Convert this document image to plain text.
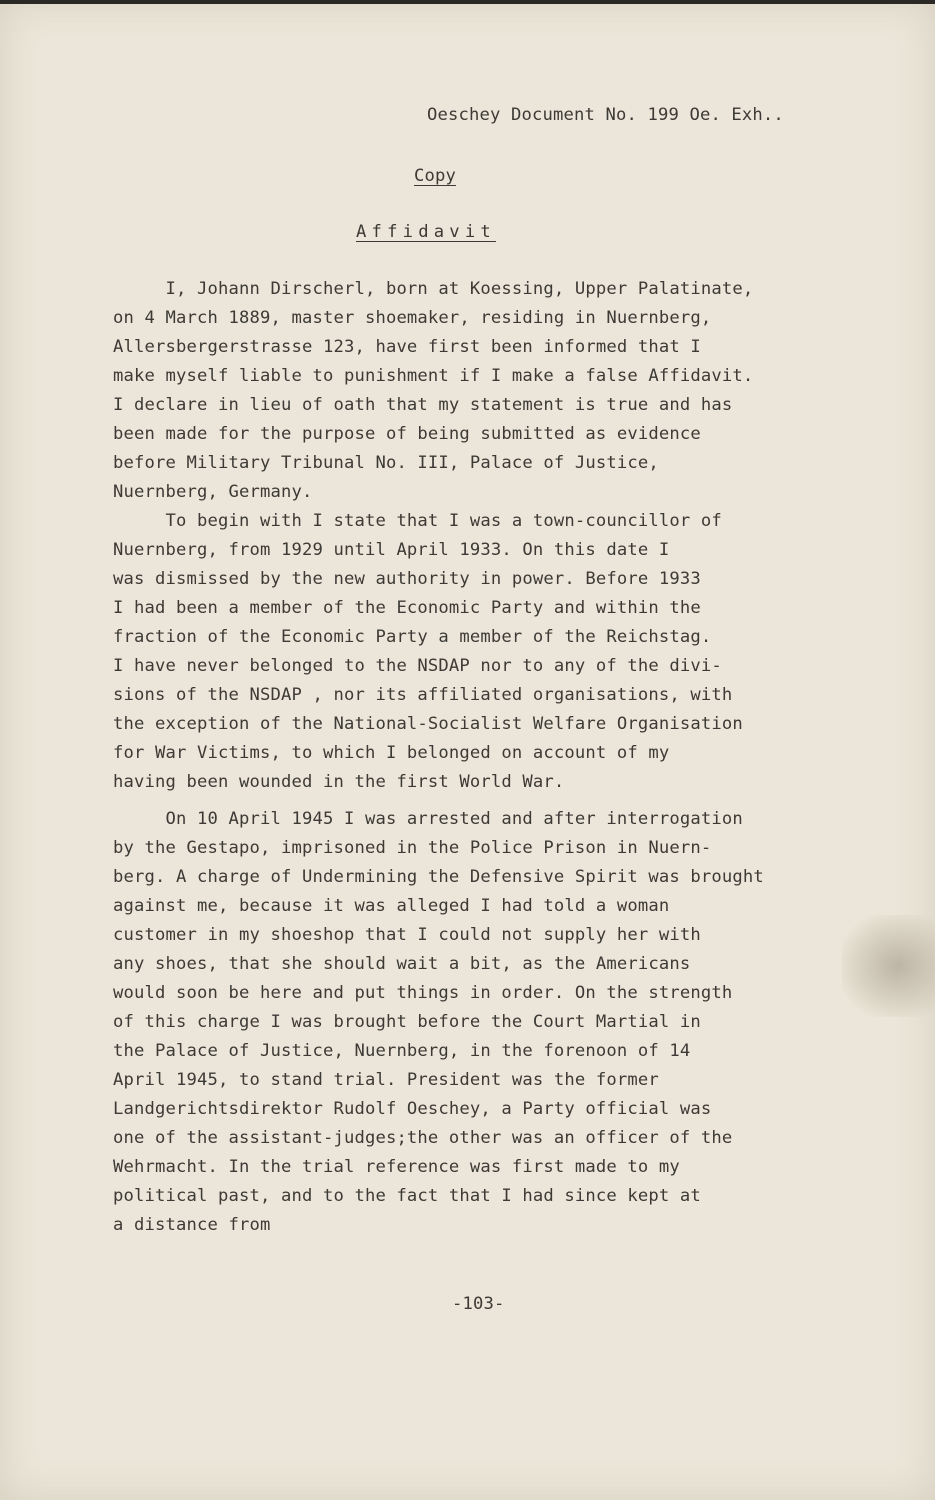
Oeschey Document No. 199 Oe. Exh..
Copy
Affidavit
I, Johann Dirscherl, born at Koessing, Upper Palatinate,
on 4 March 1889, master shoemaker, residing in Nuernberg,
Allersbergerstrasse 123, have first been informed that I
make myself liable to punishment if I make a false Affidavit.
I declare in lieu of oath that my statement is true and has
been made for the purpose of being submitted as evidence
before Military Tribunal No. III, Palace of Justice,
Nuernberg, Germany.
To begin with I state that I was a town-councillor of
Nuernberg, from 1929 until April 1933. On this date I
was dismissed by the new authority in power. Before 1933
I had been a member of the Economic Party and within the
fraction of the Economic Party a member of the Reichstag.
I have never belonged to the NSDAP nor to any of the divi-
sions of the NSDAP , nor its affiliated organisations, with
the exception of the National-Socialist Welfare Organisation
for War Victims, to which I belonged on account of my
having been wounded in the first World War.
On 10 April 1945 I was arrested and after interrogation
by the Gestapo, imprisoned in the Police Prison in Nuern-
berg. A charge of Undermining the Defensive Spirit was brought
against me, because it was alleged I had told a woman
customer in my shoeshop that I could not supply her with
any shoes, that she should wait a bit, as the Americans
would soon be here and put things in order. On the strength
of this charge I was brought before the Court Martial in
the Palace of Justice, Nuernberg, in the forenoon of 14
April 1945, to stand trial. President was the former
Landgerichtsdirektor Rudolf Oeschey, a Party official was
one of the assistant-judges;the other was an officer of the
Wehrmacht. In the trial reference was first made to my
political past, and to the fact that I had since kept at
a distance from
-103-
